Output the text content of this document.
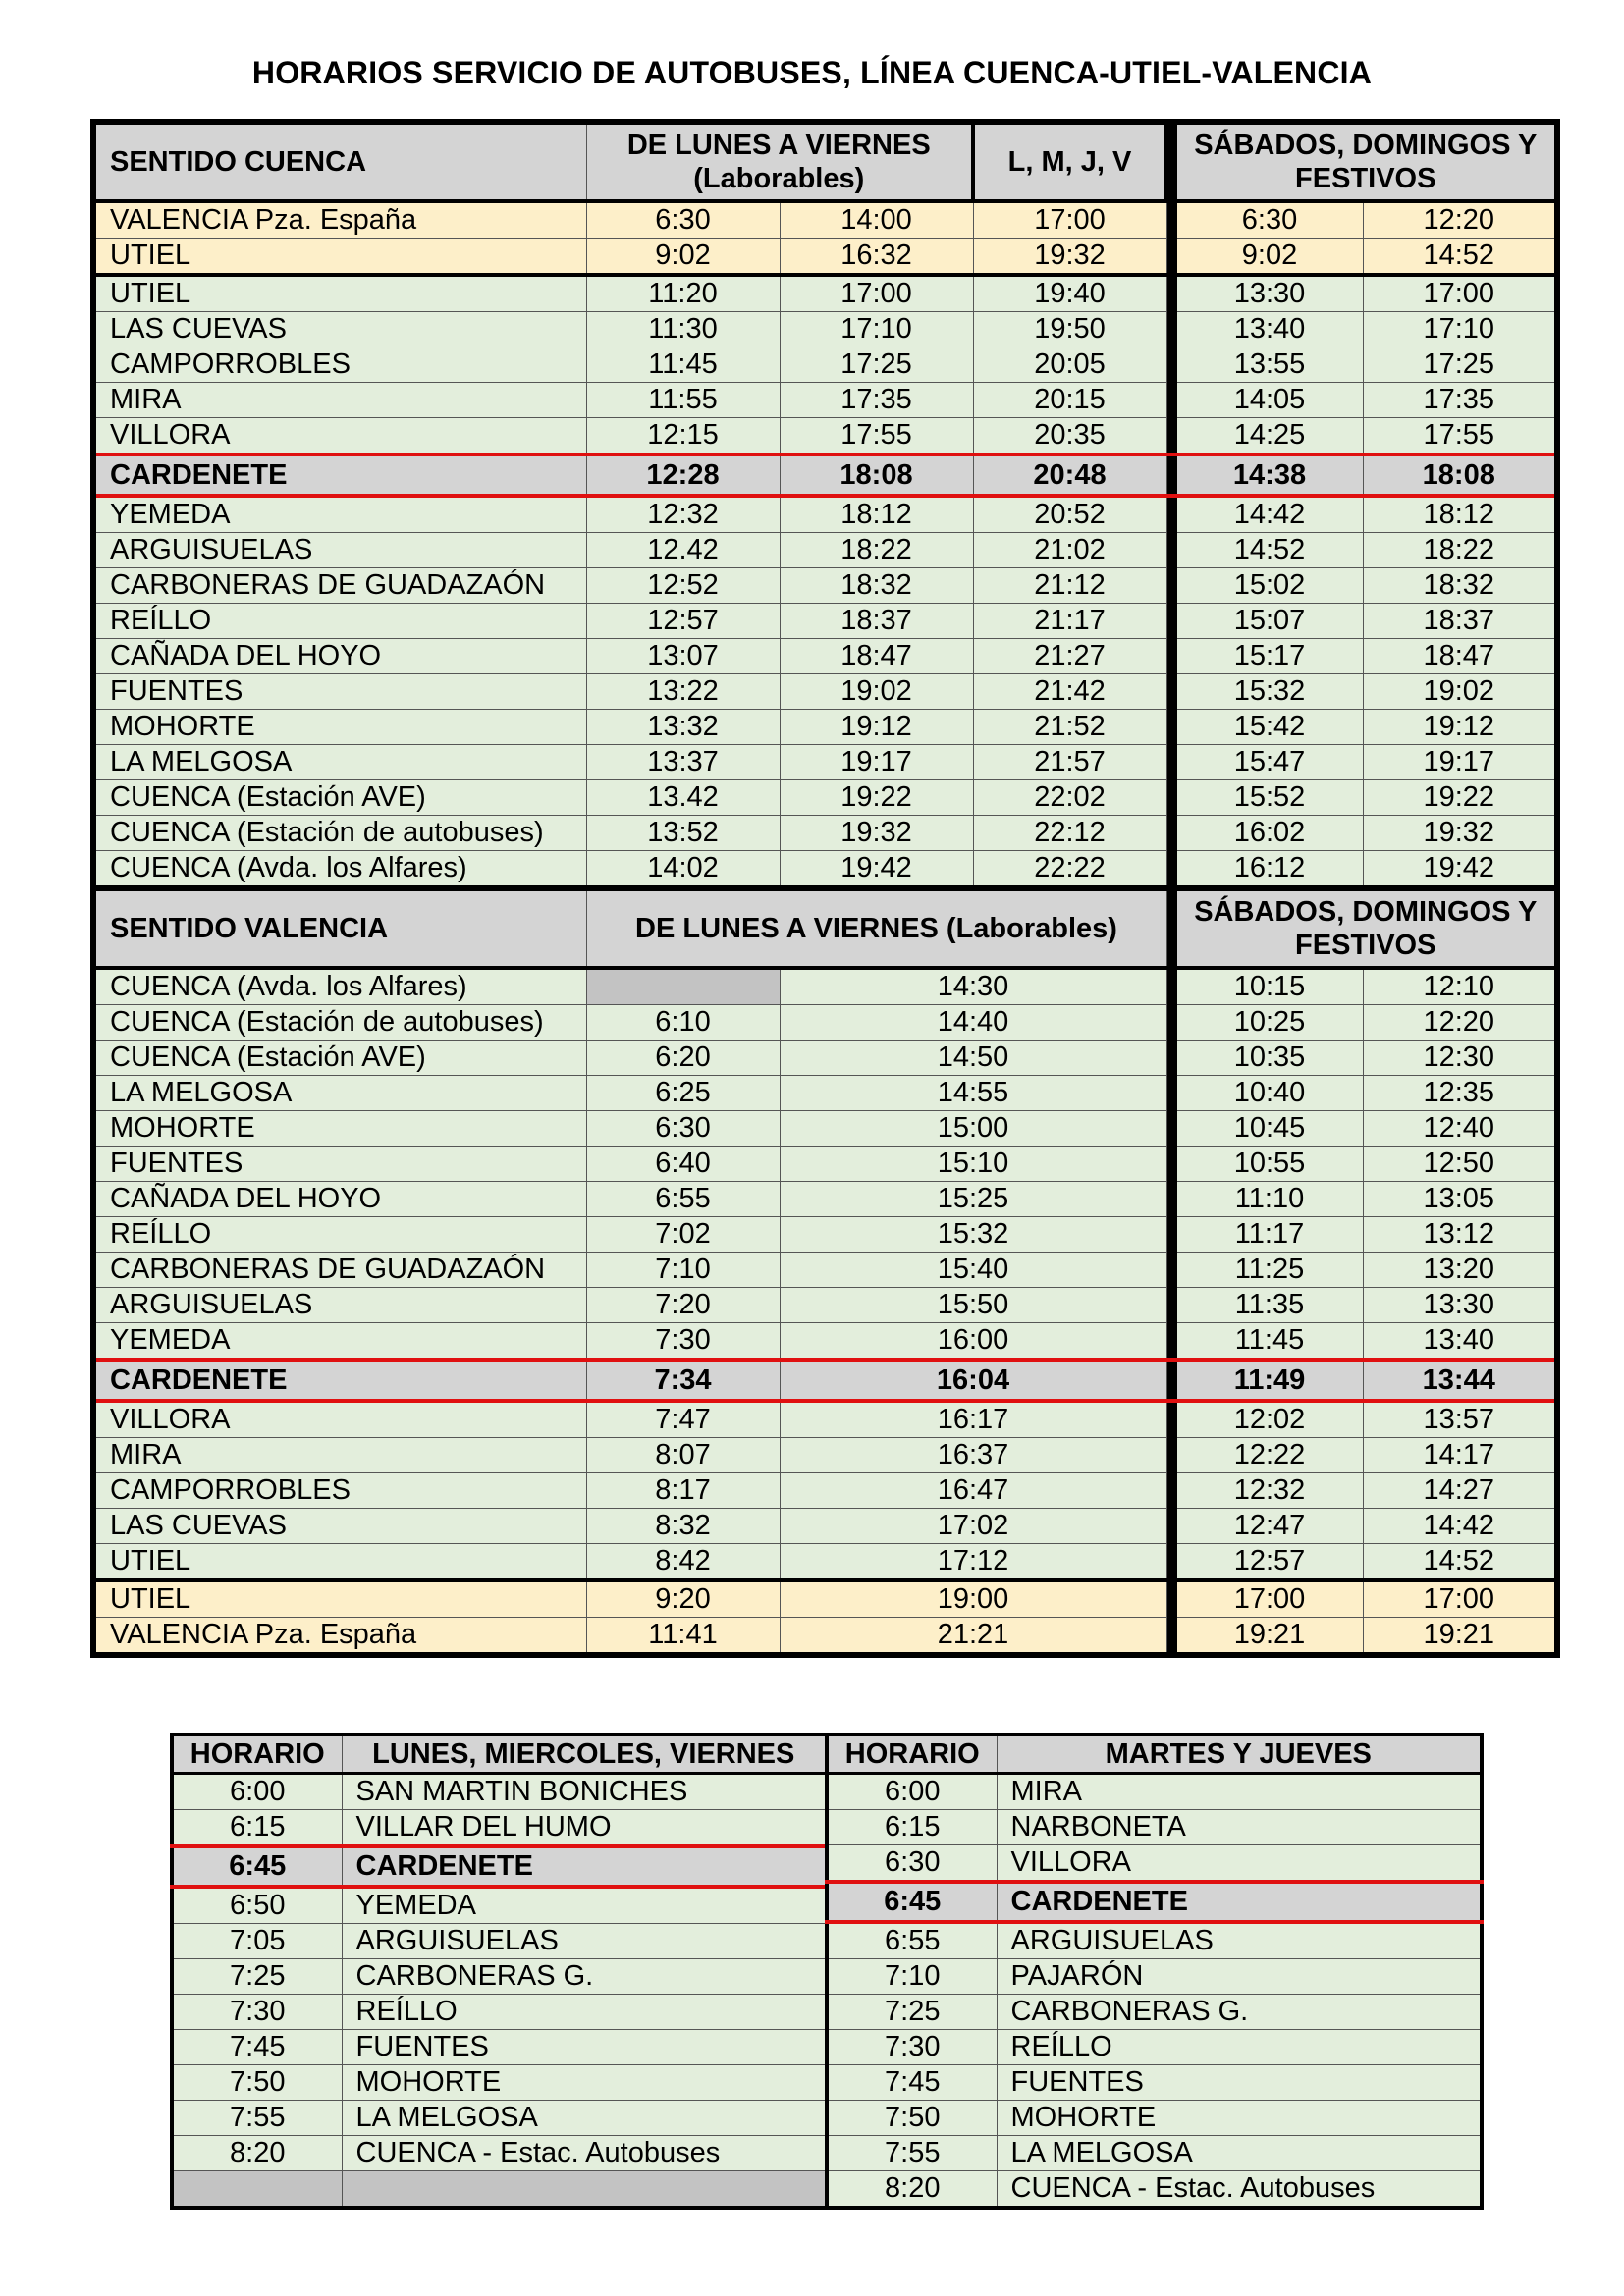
HORARIOS SERVICIO DE AUTOBUSES, LÍNEA CUENCA-UTIEL-VALENCIA
SENTIDO CUENCA	DE LUNES A VIERNES (Laborables)		L, M, J, V		SÁBADOS, DOMINGOS Y FESTIVOS	
VALENCIA Pza. España	6:30	14:00	17:00		6:30	12:20
UTIEL	9:02	16:32	19:32		9:02	14:52
UTIEL	11:20	17:00	19:40		13:30	17:00
LAS CUEVAS	11:30	17:10	19:50		13:40	17:10
CAMPORROBLES	11:45	17:25	20:05		13:55	17:25
MIRA	11:55	17:35	20:15		14:05	17:35
VILLORA	12:15	17:55	20:35		14:25	17:55
CARDENETE	12:28	18:08	20:48		14:38	18:08
YEMEDA	12:32	18:12	20:52		14:42	18:12
ARGUISUELAS	12.42	18:22	21:02		14:52	18:22
CARBONERAS DE GUADAZAÓN	12:52	18:32	21:12		15:02	18:32
REÍLLO	12:57	18:37	21:17		15:07	18:37
CAÑADA DEL HOYO	13:07	18:47	21:27		15:17	18:47
FUENTES	13:22	19:02	21:42		15:32	19:02
MOHORTE	13:32	19:12	21:52		15:42	19:12
LA MELGOSA	13:37	19:17	21:57		15:47	19:17
CUENCA (Estación AVE)	13.42	19:22	22:02		15:52	19:22
CUENCA (Estación de autobuses)	13:52	19:32	22:12		16:02	19:32
CUENCA (Avda. los Alfares)	14:02	19:42	22:22		16:12	19:42
SENTIDO VALENCIA	DE LUNES A VIERNES (Laborables)				SÁBADOS, DOMINGOS Y FESTIVOS	
CUENCA (Avda. los Alfares)		14:30			10:15	12:10
CUENCA (Estación de autobuses)	6:10	14:40			10:25	12:20
CUENCA (Estación AVE)	6:20	14:50			10:35	12:30
LA MELGOSA	6:25	14:55			10:40	12:35
MOHORTE	6:30	15:00			10:45	12:40
FUENTES	6:40	15:10			10:55	12:50
CAÑADA DEL HOYO	6:55	15:25			11:10	13:05
REÍLLO	7:02	15:32			11:17	13:12
CARBONERAS DE GUADAZAÓN	7:10	15:40			11:25	13:20
ARGUISUELAS	7:20	15:50			11:35	13:30
YEMEDA	7:30	16:00			11:45	13:40
CARDENETE	7:34	16:04			11:49	13:44
VILLORA	7:47	16:17			12:02	13:57
MIRA	8:07	16:37			12:22	14:17
CAMPORROBLES	8:17	16:47			12:32	14:27
LAS CUEVAS	8:32	17:02			12:47	14:42
UTIEL	8:42	17:12			12:57	14:52
UTIEL	9:20	19:00			17:00	17:00
VALENCIA Pza. España	11:41	21:21			19:21	19:21
HORARIO	LUNES, MIERCOLES, VIERNES
6:00	SAN MARTIN BONICHES
6:15	VILLAR DEL HUMO
6:45	CARDENETE
6:50	YEMEDA
7:05	ARGUISUELAS
7:25	CARBONERAS G.
7:30	REÍLLO
7:45	FUENTES
7:50	MOHORTE
7:55	LA MELGOSA
8:20	CUENCA - Estac. Autobuses

HORARIO	MARTES Y JUEVES
6:00	MIRA
6:15	NARBONETA
6:30	VILLORA
6:45	CARDENETE
6:55	ARGUISUELAS
7:10	PAJARÓN
7:25	CARBONERAS G.
7:30	REÍLLO
7:45	FUENTES
7:50	MOHORTE
7:55	LA MELGOSA
8:20	CUENCA - Estac. Autobuses
